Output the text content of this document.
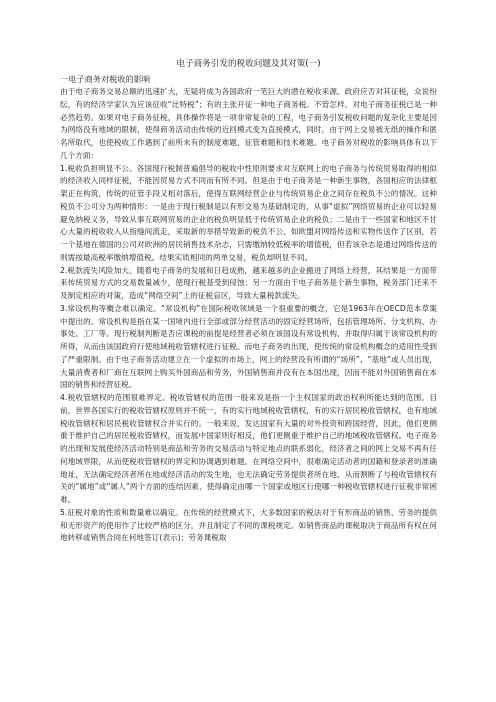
电子商务引发的税收问题及其对策(一)
一电子商务对税收的影响

由于电子商务交易总额的迅速扩大，无疑将成为各国政府一笔巨大的潜在税收来源。政府应否对其征税，众说纷纭，有的经济学家认为应该征收“比特税”；有的主张开征一种电子商务税。不管怎样，对电子商务征税已是一种必然趋势。如果对电子商务征税，具体操作将是一项非常复杂的工程，电子商务引发税收问题的复杂化主要是因为网络没有地域的限制，使得商务活动由传统的近回模式变为直接模式，同时，由于网上交易被无纸的操作和匿名所取代，也使税收工作遇到了前所未有的制度难题、征管难题和技术难题。电子商务对税收的影响具体有以下几个方面：

1.税收负担明显不公。各国现行税制普遍倡导的税收中性原则要求对互联网上的电子商务与传统贸易取得的相似的经济收入同样征税，不能因贸易方式不同而有所不同。但是由于电子商务是一种新生事物，各国相应的法律框架正在构筑，传统的征管手段又相对落后，使得互联网经营企业与传统贸易企业之间存在税负不公的情况。这种税负不公可分为两种情形：一是由于现行税制是以有形交易为基础制定的，从事“虚拟”网络贸易的企业可以轻易避免纳税义务，导致从事互联网贸易的企业的税负明显低于传统贸易企业的税负；二是由于一些国家和地区不甘心大量的税收收入从指缝间流走，采取新的举措导致新的税负不公，如欧盟对网络传送和实物传送作了区别，若一个基地在德国的公司对欧洲的居民销售技术杂志，只需缴纳较低税率的增值税，但若该杂志是通过网络传送的则需按最高税率缴纳增值税。结果实质相同的两单交易，税负却明显不同。

2.税款流失风险加大。随着电子商务的发展和日趋成熟，越来越多的企业搬进了网络上经营，其结果是一方面带来传统贸易方式的交易数量减少，使现行税基受到侵蚀；另一方面由于电子商务是个新生事物，税务部门还来不及制定相应的对策，造成“网络空间”上的征税盲区，导致大量税款流失。

3.常设机构等概念难以确定。“常设机构”在国际税收领域是一个很重要的概念，它是1963年在OECD范本草案中提出的。常设机构是指在某一国境内进行全部或部分经营活动的固定经营场所，包括管理场所、分支机构、办事处、工厂等。现行税制判断是否应课税的前提是经营者必须在该国设有常设机构，并取得归属于该常设机构的所得，从而由该国政府行使地域税收管辖权进行征税。而电子商务的出现，使传统的常设机构概念的适用性受到了严重限制。由于电子商务活动建立在一个虚拟的市场上，网上的经营没有所谓的“场所”、“基地”或人员出现，大量消费者和厂商在互联网上购买外国商品和劳务，外国销售商并没有在本国出现，因而不能对外国销售商在本国的销售和经营征税。

4.税收管辖权的范围很难界定。税收管辖权的范围一般来说是指一个主权国家的政治权利所能达到的范围。目前，世界各国实行的税收管辖权原则并不统一，有的实行地域税收管辖权，有的实行居民税收管辖权，也有地域税收管辖权和居民税收管辖权合并实行的。一般来说，发达国家有大量的对外投资和跨国经营，因此，他们更侧重于维护自己的居民税收管辖权，而发展中国家则好相反，他们更侧重于维护自己的地域税收管辖权。电子商务的出现和发展使经济活动特别是商品和劳务的交易活动与特定地点的联系弱化，经济者之间的网上交易不再有任何地域界限，从而使税收管辖权的界定和协调遇到难题。在网络空间中，很难确定活动者的国籍和登录者的准确地址，无法确定经济者所在地或经济活动的发生地，也无法确定劳务提供者所在地，从而割断了与税收管辖权有关的“属地”或“属人”两个方面的连结因素，使得确定由哪一个国家或地区行使哪一种税收管辖权进行征税非常困难。

5.征税对象的性质和数量难以确定。在传统的经营模式下，大多数国家的税法对于有形商品的销售、劳务的提供和无形资产的使用作了比较严格的区分，并且制定了不同的课税规定。如销售商品的课税取决于商品所有权在何地转移或销售合同在何地签订(表示)；劳务课税取
